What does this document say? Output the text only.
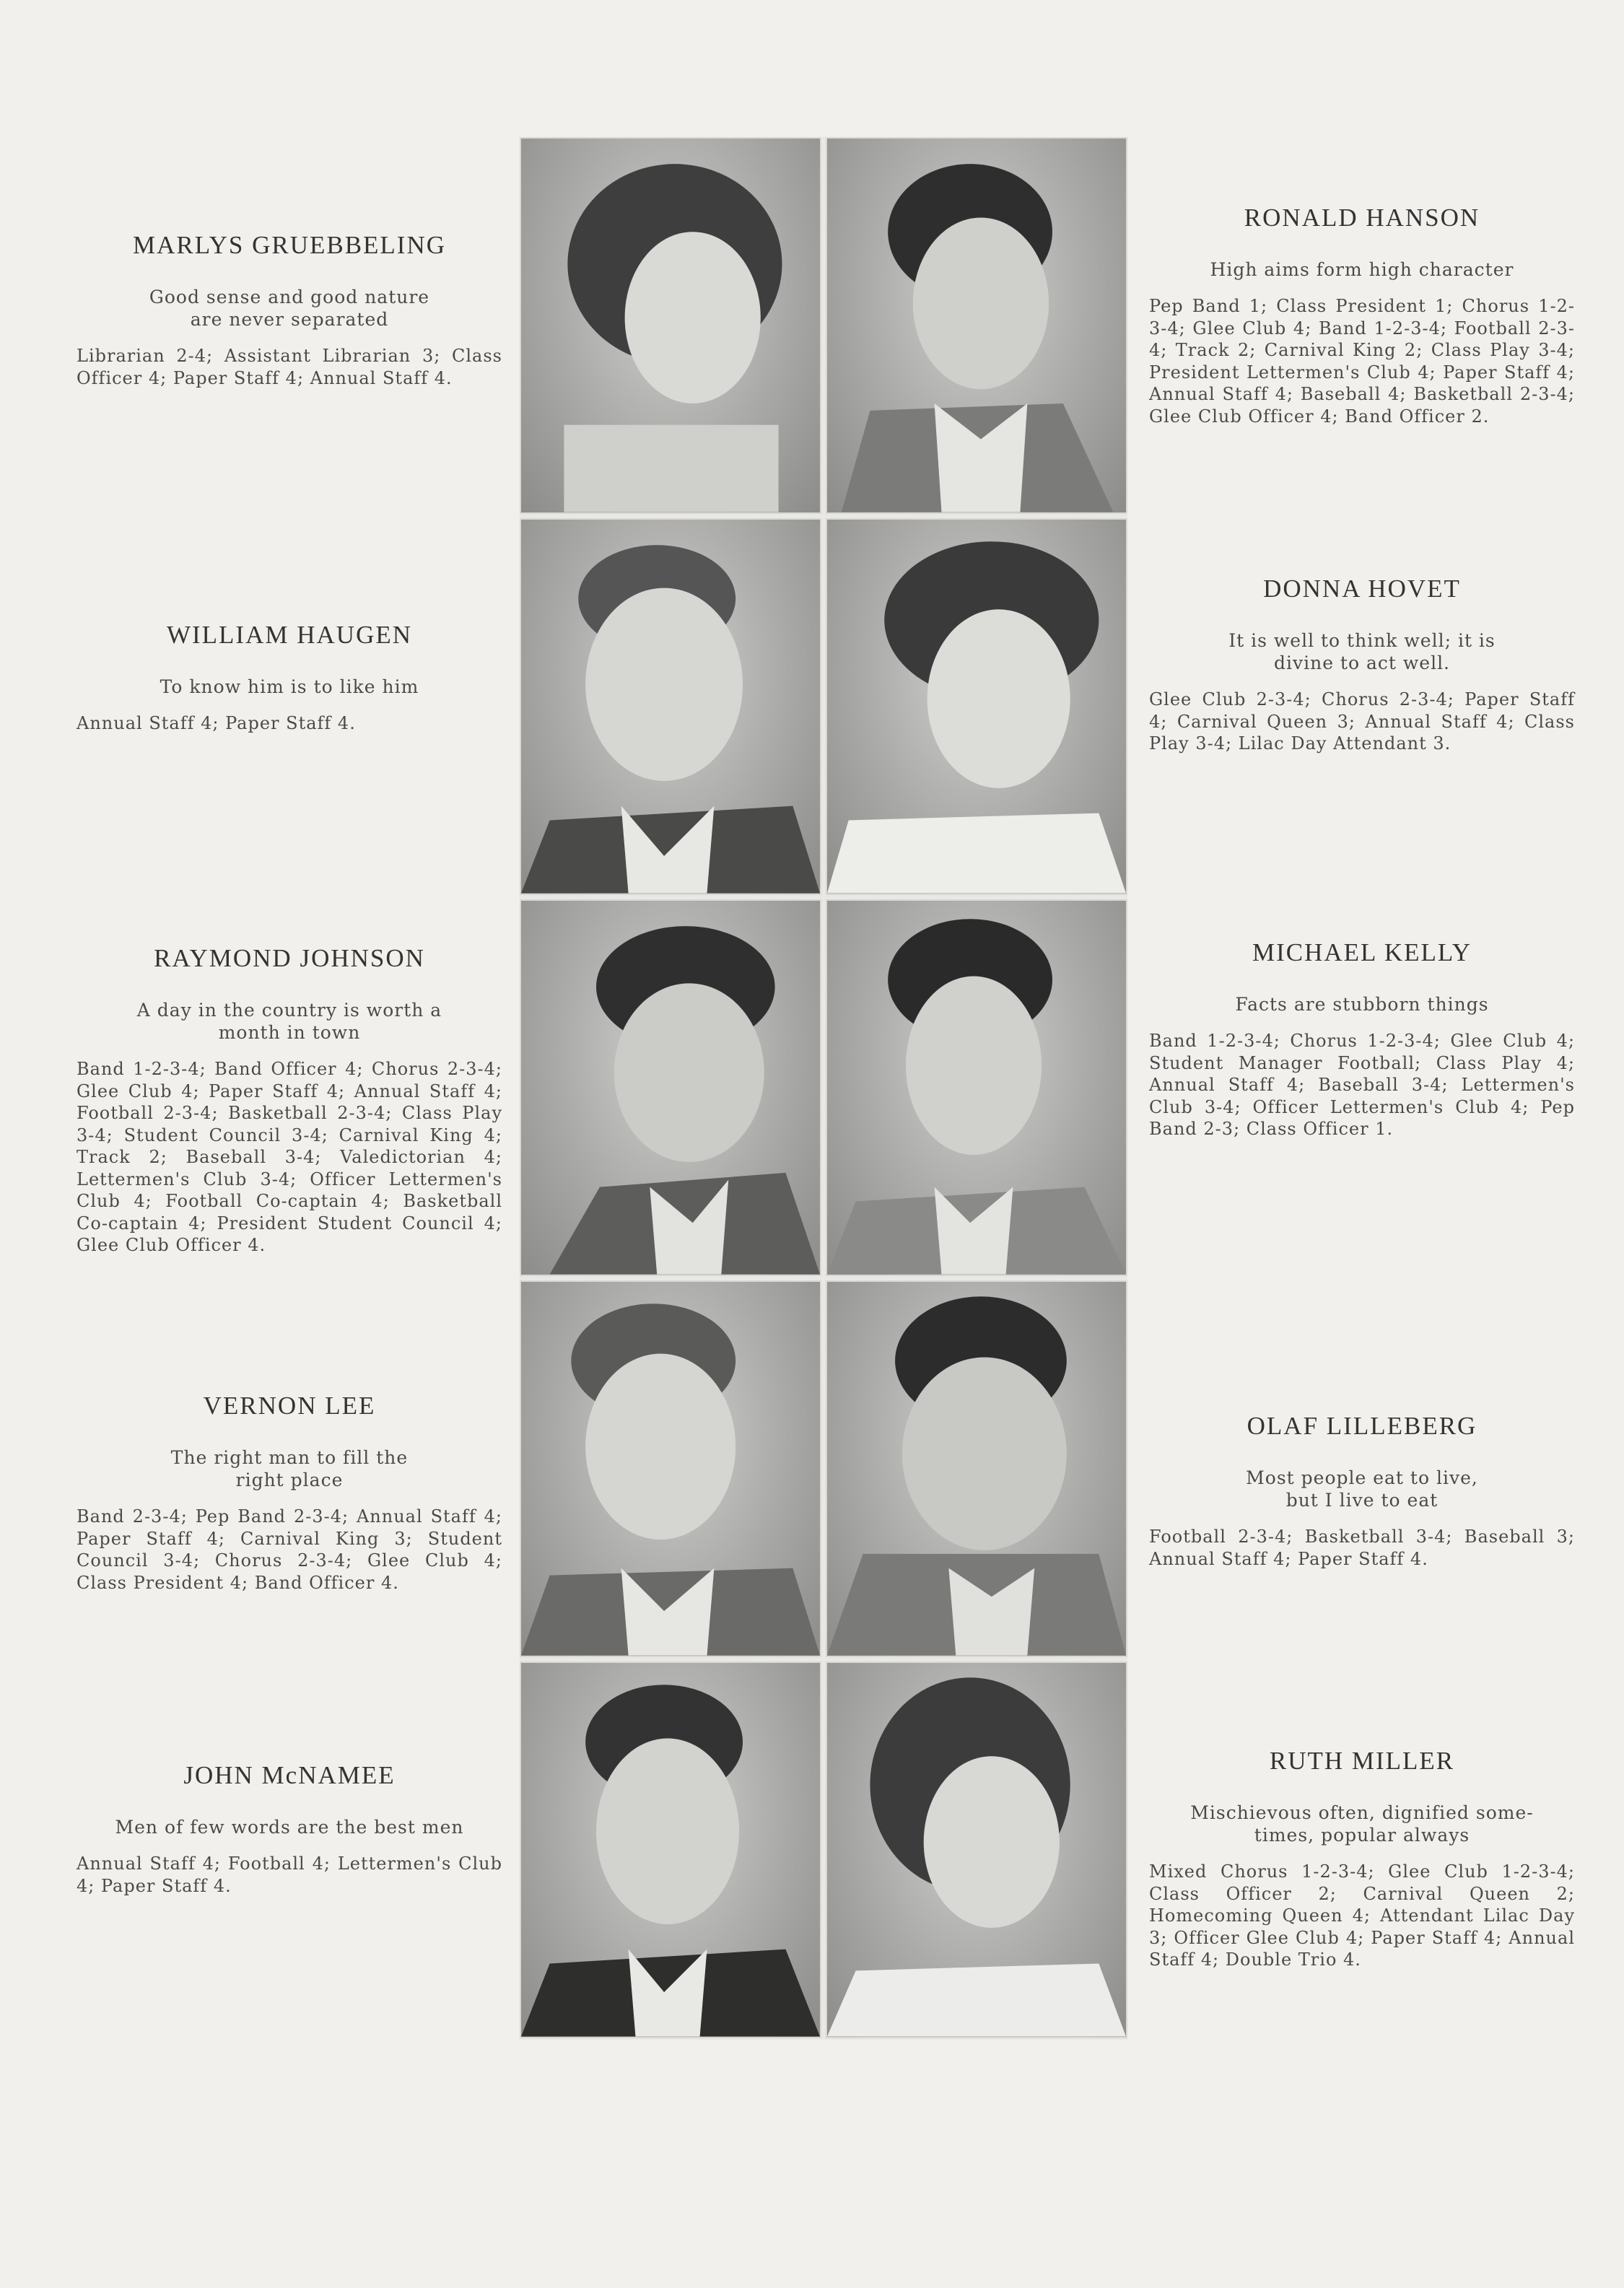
MARLYS GRUEBBELING

Good sense and good nature
are never separated

Librarian 2-4; Assistant Librarian 3; Class Officer 4; Paper Staff 4; Annual Staff 4.

WILLIAM HAUGEN

To know him is to like him

Annual Staff 4; Paper Staff 4.

RAYMOND JOHNSON

A day in the country is worth a
month in town

Band 1-2-3-4; Band Officer 4; Chorus 2-3-4; Glee Club 4; Paper Staff 4; Annual Staff 4; Football 2-3-4; Basketball 2-3-4; Class Play 3-4; Student Council 3-4; Carnival King 4; Track 2; Baseball 3-4; Valedictorian 4; Lettermen's Club 3-4; Officer Lettermen's Club 4; Football Co-captain 4; Basketball Co-captain 4; President Student Council 4; Glee Club Officer 4.

VERNON LEE

The right man to fill the
right place

Band 2-3-4; Pep Band 2-3-4; Annual Staff 4; Paper Staff 4; Carnival King 3; Student Council 3-4; Chorus 2-3-4; Glee Club 4; Class President 4; Band Officer 4.

JOHN McNAMEE

Men of few words are the best men

Annual Staff 4; Football 4; Lettermen's Club 4; Paper Staff 4.

RONALD HANSON

High aims form high character

Pep Band 1; Class President 1; Chorus 1-2-3-4; Glee Club 4; Band 1-2-3-4; Football 2-3-4; Track 2; Carnival King 2; Class Play 3-4; President Lettermen's Club 4; Paper Staff 4; Annual Staff 4; Baseball 4; Basketball 2-3-4; Glee Club Officer 4; Band Officer 2.

DONNA HOVET

It is well to think well; it is
divine to act well.

Glee Club 2-3-4; Chorus 2-3-4; Paper Staff 4; Carnival Queen 3; Annual Staff 4; Class Play 3-4; Lilac Day Attendant 3.

MICHAEL KELLY

Facts are stubborn things

Band 1-2-3-4; Chorus 1-2-3-4; Glee Club 4; Student Manager Football; Class Play 4; Annual Staff 4; Baseball 3-4; Lettermen's Club 3-4; Officer Lettermen's Club 4; Pep Band 2-3; Class Officer 1.

OLAF LILLEBERG

Most people eat to live,
but I live to eat

Football 2-3-4; Basketball 3-4; Baseball 3; Annual Staff 4; Paper Staff 4.

RUTH MILLER

Mischievous often, dignified some-
times, popular always

Mixed Chorus 1-2-3-4; Glee Club 1-2-3-4; Class Officer 2; Carnival Queen 2; Homecoming Queen 4; Attendant Lilac Day 3; Officer Glee Club 4; Paper Staff 4; Annual Staff 4; Double Trio 4.
